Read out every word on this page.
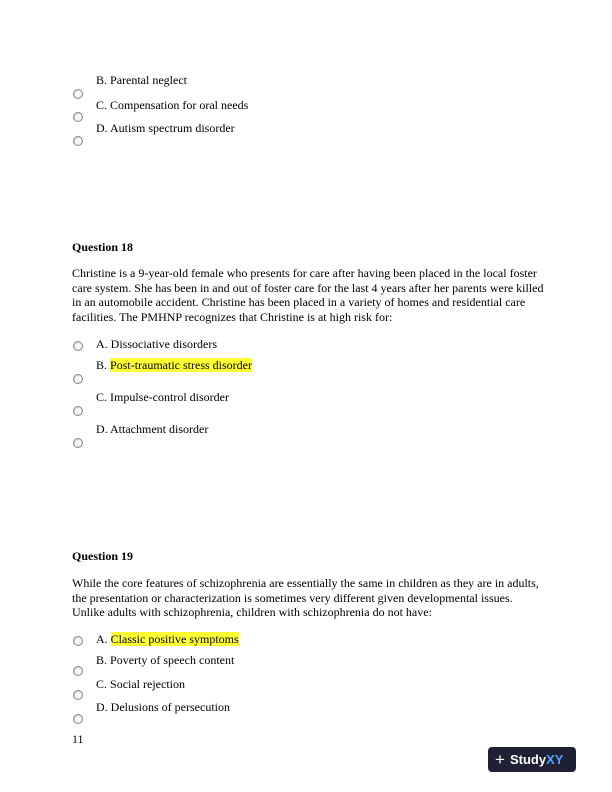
B. Parental neglect
C. Compensation for oral needs
D. Autism spectrum disorder
Question 18
Christine is a 9-year-old female who presents for care after having been placed in the local foster care system. She has been in and out of foster care for the last 4 years after her parents were killed in an automobile accident. Christine has been placed in a variety of homes and residential care facilities. The PMHNP recognizes that Christine is at high risk for:
A. Dissociative disorders
B. Post-traumatic stress disorder
C. Impulse-control disorder
D. Attachment disorder
Question 19
While the core features of schizophrenia are essentially the same in children as they are in adults, the presentation or characterization is sometimes very different given developmental issues. Unlike adults with schizophrenia, children with schizophrenia do not have:
A. Classic positive symptoms
B. Poverty of speech content
C. Social rejection
D. Delusions of persecution
11
+ Study XY
